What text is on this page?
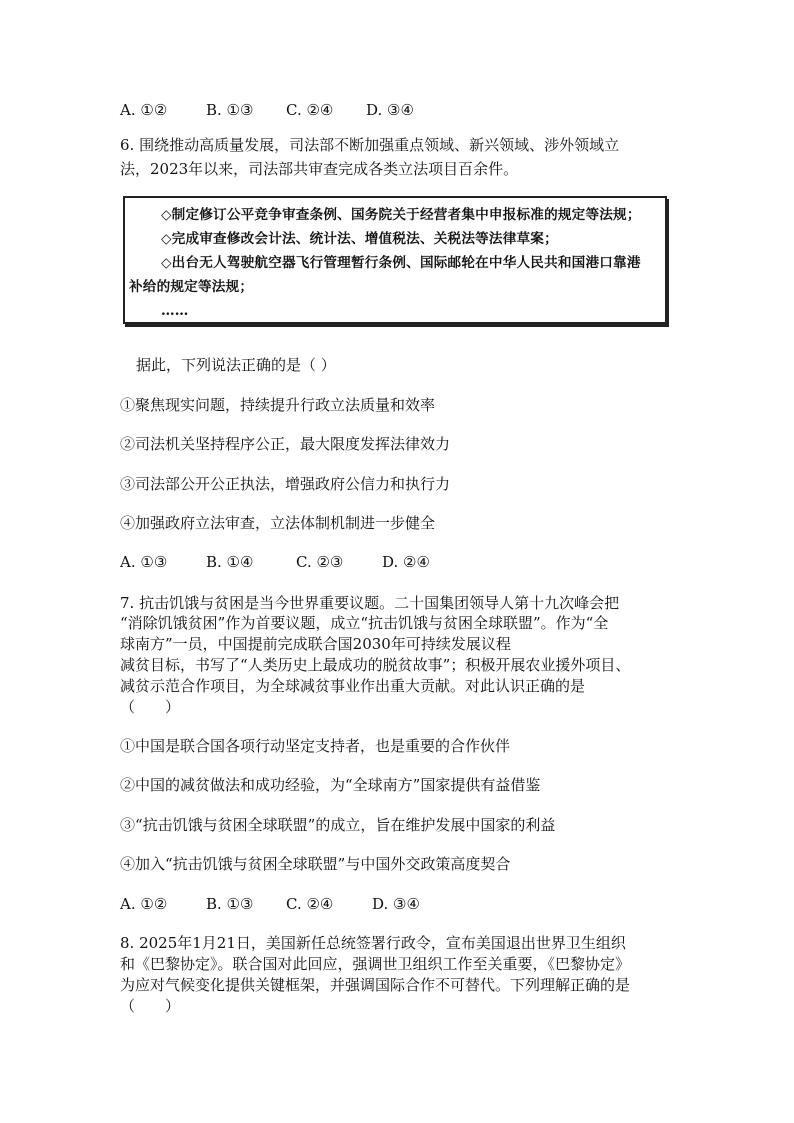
A. ①②	B. ①③ C. ②④ D. ③④
6. 围绕推动高质量发展，司法部不断加强重点领域、新兴领域、涉外领域立
法，2023年以来，司法部共审查完成各类立法项目百余件。
◇制定修订公平竞争审查条例、国务院关于经营者集中申报标准的规定等法规；
◇完成审查修改会计法、统计法、增值税法、关税法等法律草案；
◇出台无人驾驶航空器飞行管理暂行条例、国际邮轮在中华人民共和国港口靠港
补给的规定等法规；
……
据此，下列说法正确的是（ ）
①聚焦现实问题，持续提升行政立法质量和效率
②司法机关坚持程序公正，最大限度发挥法律效力
③司法部公开公正执法，增强政府公信力和执行力
④加强政府立法审查，立法体制机制进一步健全
A. ①③	B. ①④	C. ②③	D. ②④
7. 抗击饥饿与贫困是当今世界重要议题。二十国集团领导人第十九次峰会把
“消除饥饿贫困”作为首要议题，成立“抗击饥饿与贫困全球联盟”。作为“全
球南方”一员，中国提前完成联合国2030年可持续发展议程
减贫目标，书写了“人类历史上最成功的脱贫故事”；积极开展农业援外项目、
减贫示范合作项目，为全球减贫事业作出重大贡献。对此认识正确的是
（　　）
①中国是联合国各项行动坚定支持者，也是重要的合作伙伴
②中国的减贫做法和成功经验，为“全球南方”国家提供有益借鉴
③“抗击饥饿与贫困全球联盟”的成立，旨在维护发展中国家的利益
④加入“抗击饥饿与贫困全球联盟”与中国外交政策高度契合
A. ①②	B. ①③ C. ②④	D. ③④
8. 2025年1月21日，美国新任总统签署行政令，宣布美国退出世界卫生组织
和《巴黎协定》。联合国对此回应，强调世卫组织工作至关重要，《巴黎协定》
为应对气候变化提供关键框架，并强调国际合作不可替代。下列理解正确的是
（　　）
